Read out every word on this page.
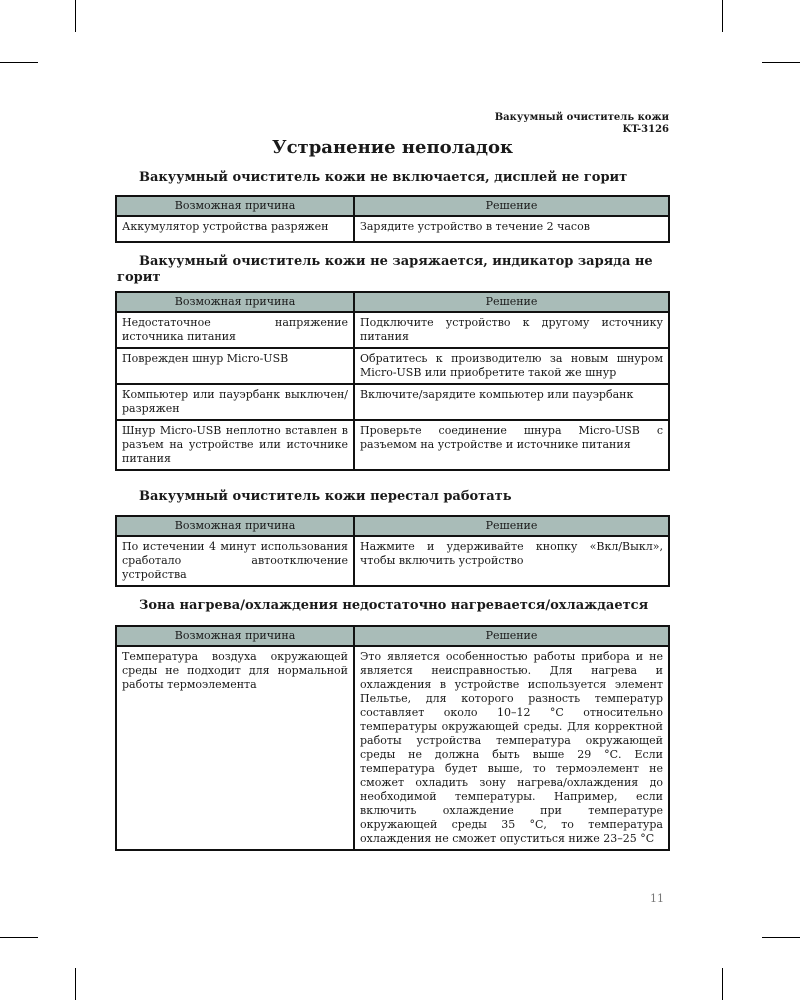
Вакуумный очиститель кожи
KT-3126
Устранение неполадок
Вакуумный очиститель кожи не включается, дисплей не горит
Возможная причина	Решение
Аккумулятор устройства разряжен	Зарядите устройство в течение 2 часов
Вакуумный очиститель кожи не заряжается, индикатор заряда не горит
Возможная причина	Решение
Недостаточное напряжение источника питания	Подключите устройство к другому источнику питания
Поврежден шнур Micro-USB	Обратитесь к производителю за новым шнуром Micro-USB или приобретите такой же шнур
Компьютер или пауэрбанк выключен/разряжен	Включите/зарядите компьютер или пауэрбанк
Шнур Micro-USB неплотно вставлен в разъем на устройстве или источнике питания	Проверьте соединение шнура Micro-USB с разъемом на устройстве и источнике питания
Вакуумный очиститель кожи перестал работать
Возможная причина	Решение
По истечении 4 минут использования сработало автоотключение устройства	Нажмите и удерживайте кнопку «Вкл/Выкл», чтобы включить устройство
Зона нагрева/охлаждения недостаточно нагревается/охлаждается
Возможная причина	Решение
Температура воздуха окружающей среды не подходит для нормальной работы термоэлемента	Это является особенностью работы прибора и не является неисправностью. Для нагрева и охлаждения в устройстве используется элемент Пельтье, для которого разность температур составляет около 10–12 °С относительно температуры окружающей среды. Для корректной работы устройства температура окружающей среды не должна быть выше 29 °С. Если температура будет выше, то термоэлемент не сможет охладить зону нагрева/охлаждения до необходимой температуры. Например, если включить охлаждение при температуре окружающей среды 35 °С, то температура охлаждения не сможет опуститься ниже 23–25 °С
11
